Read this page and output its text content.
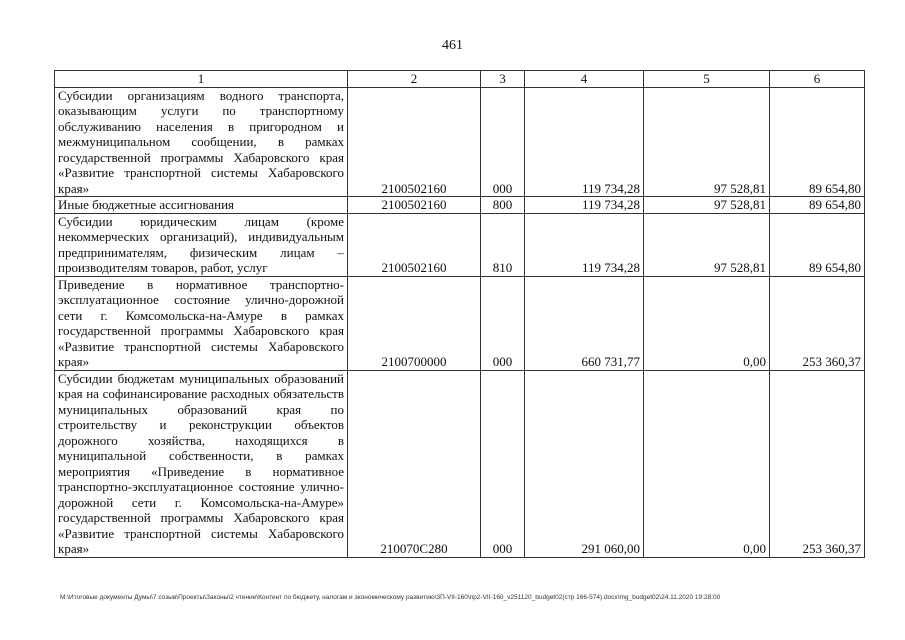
461
1	2	3	4	5	6
Субсидии организациям водного транспорта, оказывающим услуги по транспортному обслуживанию населения в пригородном и межмуниципальном сообщении, в рамках государственной программы Хабаровского края «Развитие транспортной системы Хабаровского края»	2100502160	000	119 734,28	97 528,81	89 654,80
Иные бюджетные ассигнования	2100502160	800	119 734,28	97 528,81	89 654,80
Субсидии юридическим лицам (кроме некоммерческих организаций), индивидуальным предпринимателям, физическим лицам – производителям товаров, работ, услуг	2100502160	810	119 734,28	97 528,81	89 654,80
Приведение в нормативное транспортно-эксплуатационное состояние улично-дорожной сети г. Комсомольска-на-Амуре в рамках государственной программы Хабаровского края «Развитие транспортной системы Хабаровского края»	2100700000	000	660 731,77	0,00	253 360,37
Субсидии бюджетам муниципальных образований края на софинансирование расходных обязательств муниципальных образований края по строительству и реконструкции объектов дорожного хозяйства, находящихся в муниципальной собственности, в рамках мероприятия «Приведение в нормативное транспортно-эксплуатационное состояние улично-дорожной сети г. Комсомольска-на-Амуре» государственной программы Хабаровского края «Развитие транспортной системы Хабаровского края»	210070С280	000	291 060,00	0,00	253 360,37
M:\Итоговые документы Думы\7 созыв\Проекты\Законы\2 чтение\Контент по бюджету, налогам и экономическому развитию\3П-VII-160\пр2-VII-160_v251120_budget02(стр 166-574).docx\mg_budget02\24.11.2020 19:28:00
